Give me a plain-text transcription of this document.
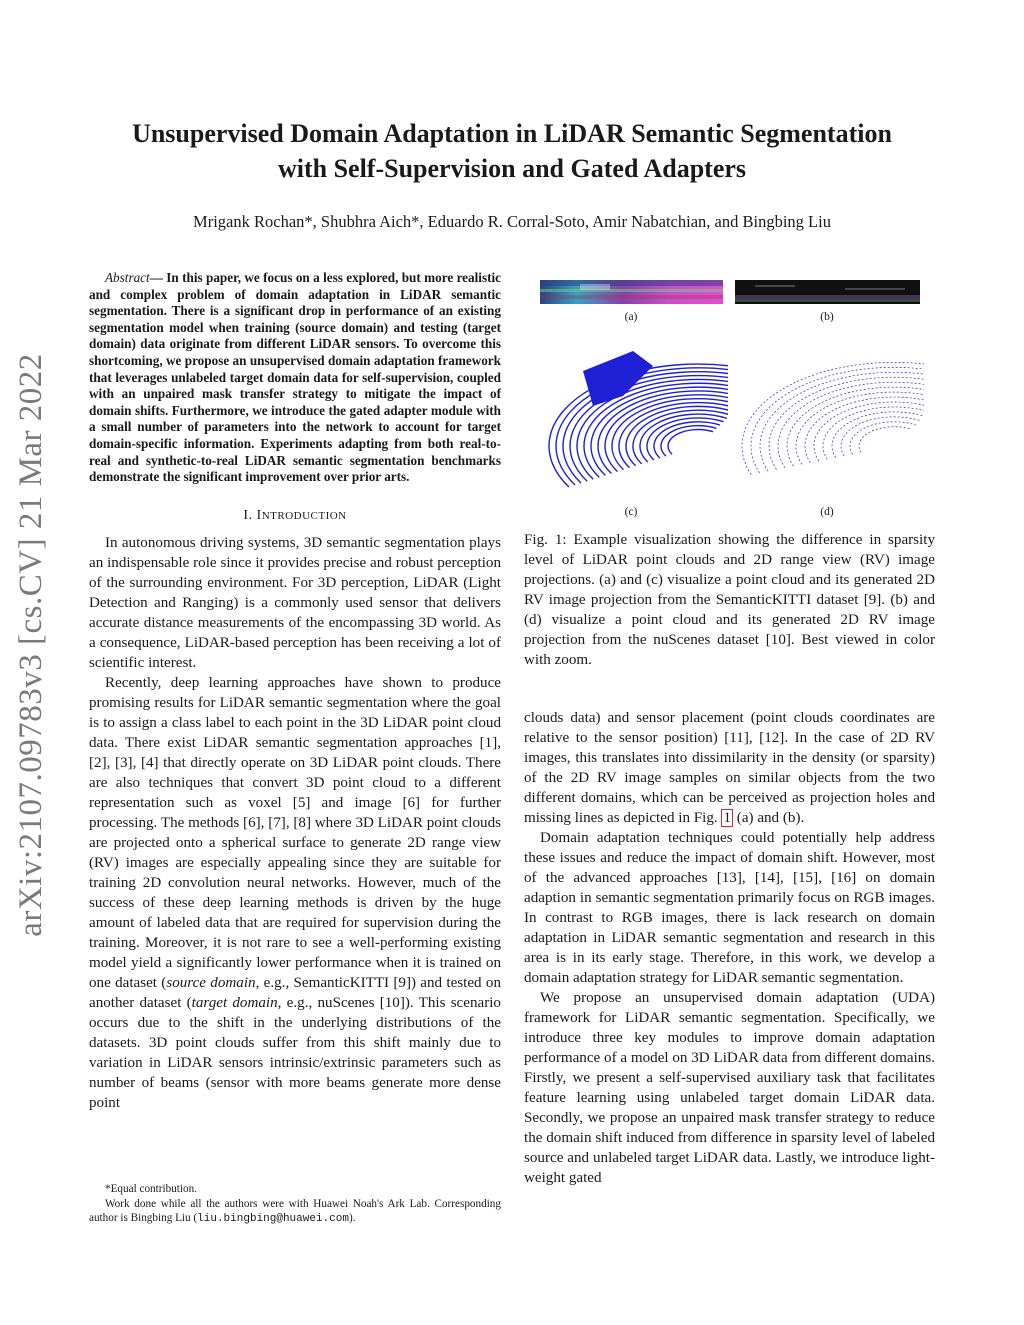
arXiv:2107.09783v3 [cs.CV] 21 Mar 2022
Unsupervised Domain Adaptation in LiDAR Semantic Segmentation
with Self-Supervision and Gated Adapters
Mrigank Rochan*, Shubhra Aich*, Eduardo R. Corral-Soto, Amir Nabatchian, and Bingbing Liu

Abstract— In this paper, we focus on a less explored, but more realistic and complex problem of domain adaptation in LiDAR semantic segmentation. There is a significant drop in performance of an existing segmentation model when training (source domain) and testing (target domain) data originate from different LiDAR sensors. To overcome this shortcoming, we propose an unsupervised domain adaptation framework that leverages unlabeled target domain data for self-supervision, coupled with an unpaired mask transfer strategy to mitigate the impact of domain shifts. Furthermore, we introduce the gated adapter module with a small number of parameters into the network to account for target domain-specific information. Experiments adapting from both real-to-real and synthetic-to-real LiDAR semantic segmentation benchmarks demonstrate the significant improvement over prior arts.

I. INTRODUCTION

In autonomous driving systems, 3D semantic segmentation plays an indispensable role since it provides precise and robust perception of the surrounding environment. For 3D perception, LiDAR (Light Detection and Ranging) is a commonly used sensor that delivers accurate distance measurements of the encompassing 3D world. As a consequence, LiDAR-based perception has been receiving a lot of scientific interest.

Recently, deep learning approaches have shown to produce promising results for LiDAR semantic segmentation where the goal is to assign a class label to each point in the 3D LiDAR point cloud data. There exist LiDAR semantic segmentation approaches [1], [2], [3], [4] that directly operate on 3D LiDAR point clouds. There are also techniques that convert 3D point cloud to a different representation such as voxel [5] and image [6] for further processing. The methods [6], [7], [8] where 3D LiDAR point clouds are projected onto a spherical surface to generate 2D range view (RV) images are especially appealing since they are suitable for training 2D convolution neural networks. However, much of the success of these deep learning methods is driven by the huge amount of labeled data that are required for supervision during the training. Moreover, it is not rare to see a well-performing existing model yield a significantly lower performance when it is trained on one dataset (source domain, e.g., SemanticKITTI [9]) and tested on another dataset (target domain, e.g., nuScenes [10]). This scenario occurs due to the shift in the underlying distributions of the datasets. 3D point clouds suffer from this shift mainly due to variation in LiDAR sensors intrinsic/extrinsic parameters such as number of beams (sensor with more beams generate more dense point

*Equal contribution.

Work done while all the authors were with Huawei Noah's Ark Lab. Corresponding author is Bingbing Liu (liu.bingbing@huawei.com).

(a)	(b)
(c)	(d)
Fig. 1: Example visualization showing the difference in sparsity level of LiDAR point clouds and 2D range view (RV) image projections. (a) and (c) visualize a point cloud and its generated 2D RV image projection from the SemanticKITTI dataset [9]. (b) and (d) visualize a point cloud and its generated 2D RV image projection from the nuScenes dataset [10]. Best viewed in color with zoom.

clouds data) and sensor placement (point clouds coordinates are relative to the sensor position) [11], [12]. In the case of 2D RV images, this translates into dissimilarity in the density (or sparsity) of the 2D RV image samples on similar objects from the two different domains, which can be perceived as projection holes and missing lines as depicted in Fig. 1 (a) and (b).

Domain adaptation techniques could potentially help address these issues and reduce the impact of domain shift. However, most of the advanced approaches [13], [14], [15], [16] on domain adaption in semantic segmentation primarily focus on RGB images. In contrast to RGB images, there is lack research on domain adaptation in LiDAR semantic segmentation and research in this area is in its early stage. Therefore, in this work, we develop a domain adaptation strategy for LiDAR semantic segmentation.

We propose an unsupervised domain adaptation (UDA) framework for LiDAR semantic segmentation. Specifically, we introduce three key modules to improve domain adaptation performance of a model on 3D LiDAR data from different domains. Firstly, we present a self-supervised auxiliary task that facilitates feature learning using unlabeled target domain LiDAR data. Secondly, we propose an unpaired mask transfer strategy to reduce the domain shift induced from difference in sparsity level of labeled source and unlabeled target LiDAR data. Lastly, we introduce light-weight gated
